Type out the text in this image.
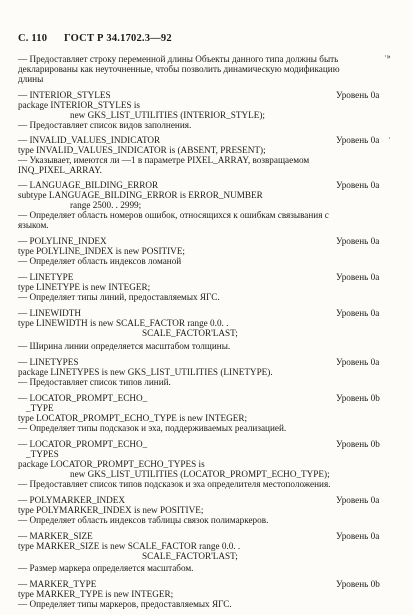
С. 110 ГОСТ Р 34.1702.3—92
— Предоставляет строку переменной длины Объекты данного типа должны быть
декларированы как неуточненные, чтобы позволить динамическую модификацию
длины
·»
— INTERIOR_STYLES	Уровень 0а
package INTERIOR_STYLES is
new GKS_LIST_UTILITIES (INTERIOR_STYLE);
— Предоставляет список видов заполнения.
— INVALID_VALUES_INDICATOR	Уровень 0а ·
type INVALID_VALUES_INDICATOR is (ABSENT, PRESENT);
— Указывает, имеются ли —1 в параметре PIXEL_ARRAY, возвращаемом
INQ_PIXEL_ARRAY.
— LANGUAGE_BILDING_ERROR	Уровень 0а
subtype LANGUAGE_BILDING_ERROR is ERROR_NUMBER
range 2500. . 2999;
— Определяет область номеров ошибок, относящихся к ошибкам связывания с
языком.
— POLYLINE_INDEX	Уровень 0а
type POLYLINE_INDEX is new POSITIVE;
— Определяет область индексов ломаной
— LINETYPE	Уровень 0а
type LINETYPE is new INTEGER;
— Определяет типы линий, предоставляемых ЯГС.
— LINEWIDTH	Уровень 0а
type LINEWIDTH is new SCALE_FACTOR range 0.0. .
SCALE_FACTOR'LAST;
— Ширина линии определяется масштабом толщины.
— LINETYPES	Уровень 0а
package LINETYPES is new GKS_LIST_UTILITIES (LINETYPE).
— Предоставляет список типов линий.
— LOCATOR_PROMPT_ECHO_	Уровень 0b
_TYPE
type LOCATOR_PROMPT_ECHO_TYPE is new INTEGER;
— Определяет типы подсказок и эха, поддерживаемых реализацией.
— LOCATOR_PROMPT_ECHO_	Уровень 0b
_TYPES
package LOCATOR_PROMPT_ECHO_TYPES is
new GKS_LIST_UTILITIES (LOCATOR_PROMPT_ECHO_TYPE);
— Предоставляет список типов подсказок и эха определителя местоположения.
— POLYMARKER_INDEX	Уровень 0а
type POLYMARKER_INDEX is new POSITIVE;
— Определяет область индексов таблицы связок полимаркеров.
— MARKER_SIZE	Уровень 0а
type MARKER_SIZE is new SCALE_FACTOR range 0.0. .
SCALE_FACTOR'LAST;
— Размер маркера определяется масштабом.
— MARKER_TYPE	Уровень 0b
type MARKER_TYPE is new INTEGER;
— Определяет типы маркеров, предоставляемых ЯГС.
